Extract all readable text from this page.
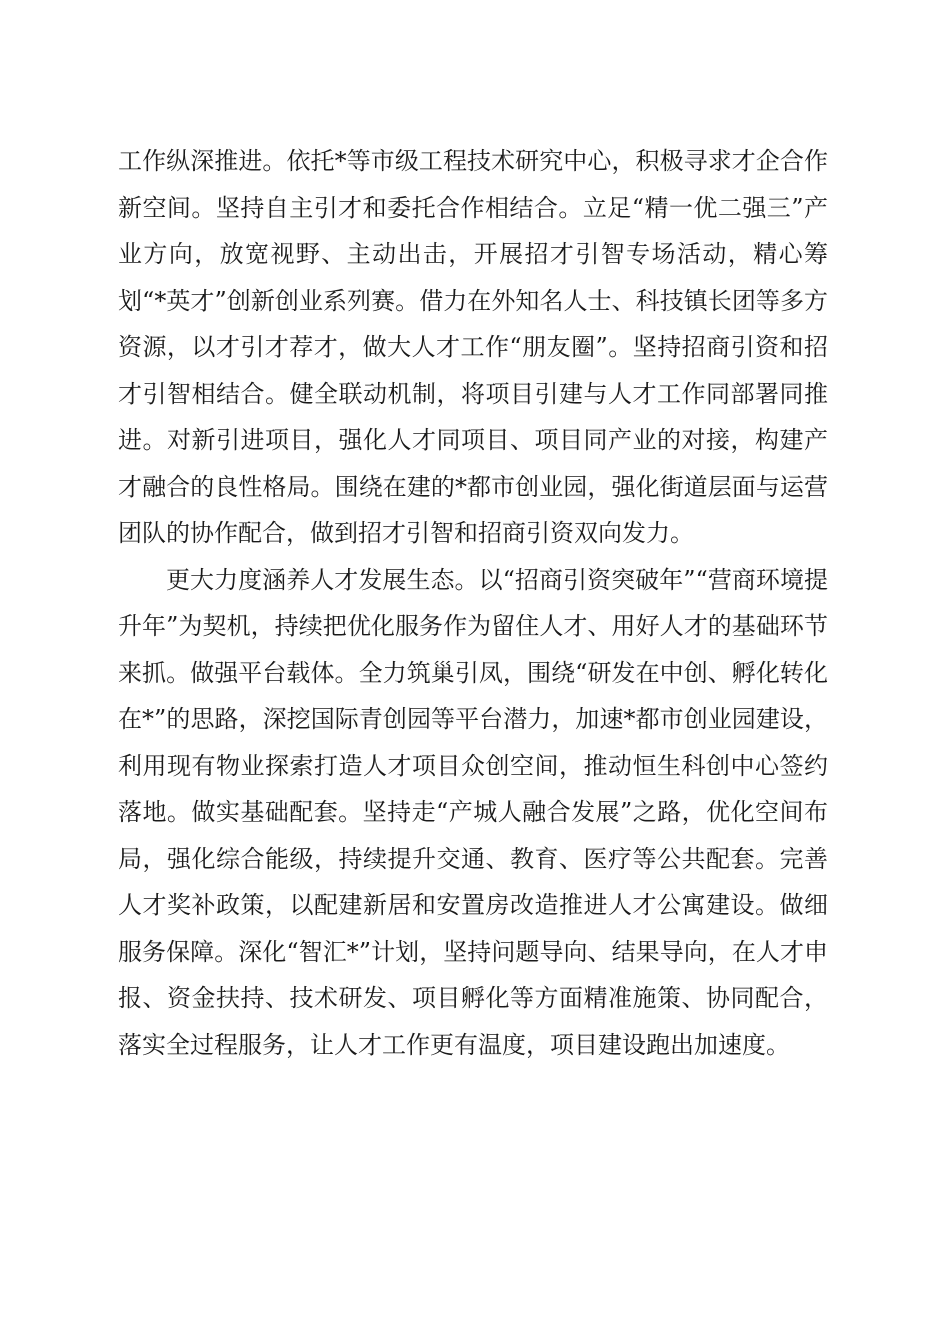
工作纵深推进。依托*等市级工程技术研究中心，积极寻求才企合作新空间。坚持自主引才和委托合作相结合。立足“精一优二强三”产业方向，放宽视野、主动出击，开展招才引智专场活动，精心筹划“*英才”创新创业系列赛。借力在外知名人士、科技镇长团等多方资源，以才引才荐才，做大人才工作“朋友圈”。坚持招商引资和招才引智相结合。健全联动机制，将项目引建与人才工作同部署同推进。对新引进项目，强化人才同项目、项目同产业的对接，构建产才融合的良性格局。围绕在建的*都市创业园，强化街道层面与运营团队的协作配合，做到招才引智和招商引资双向发力。

更大力度涵养人才发展生态。以“招商引资突破年”“营商环境提升年”为契机，持续把优化服务作为留住人才、用好人才的基础环节来抓。做强平台载体。全力筑巢引凤，围绕“研发在中创、孵化转化在*”的思路，深挖国际青创园等平台潜力，加速*都市创业园建设，利用现有物业探索打造人才项目众创空间，推动恒生科创中心签约落地。做实基础配套。坚持走“产城人融合发展”之路，优化空间布局，强化综合能级，持续提升交通、教育、医疗等公共配套。完善人才奖补政策，以配建新居和安置房改造推进人才公寓建设。做细服务保障。深化“智汇*”计划，坚持问题导向、结果导向，在人才申报、资金扶持、技术研发、项目孵化等方面精准施策、协同配合，落实全过程服务，让人才工作更有温度，项目建设跑出加速度。
